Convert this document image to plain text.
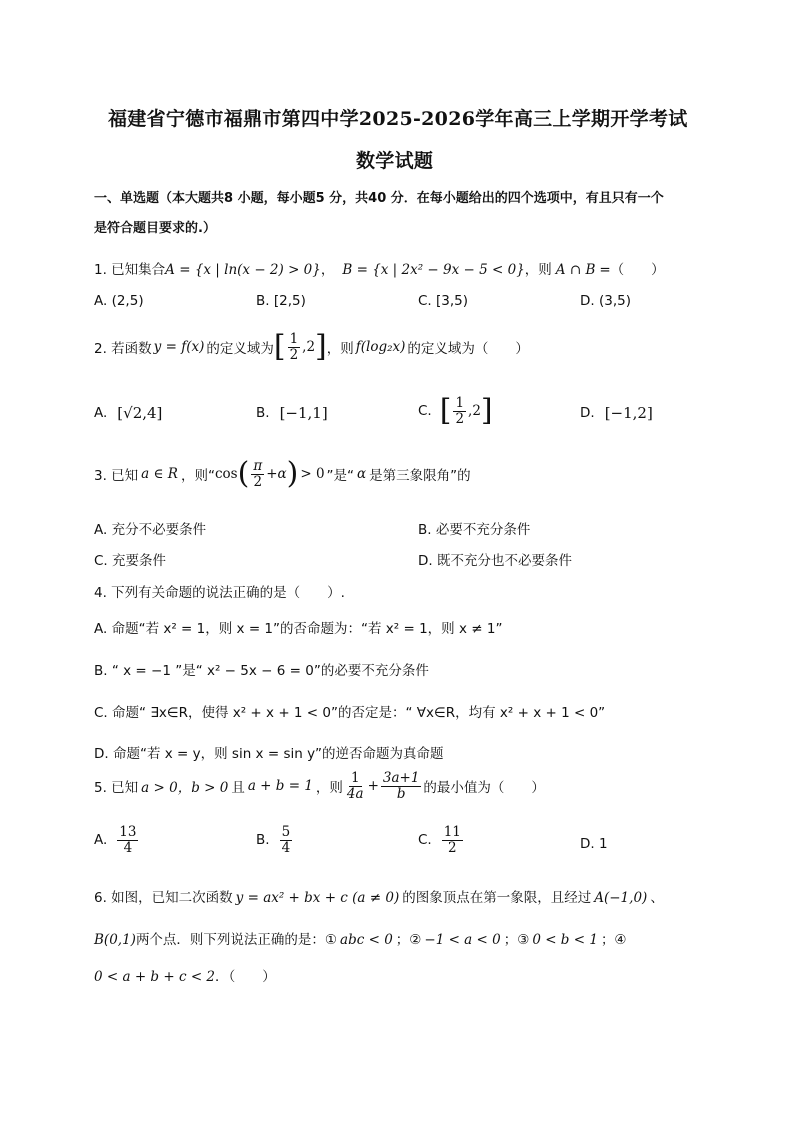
福建省宁德市福鼎市第四中学2025-2026学年高三上学期开学考试
数学试题
一、单选题（本大题共8 小题，每小题5 分，共40 分．在每小题给出的四个选项中，有且只有一个
是符合题目要求的.）
1. 已知集合A = {x | ln(x − 2) > 0}， B = {x | 2x² − 9x − 5 < 0}，则 A ∩ B =（　　）
A. (2,5)	B. [2,5)	C. [3,5)	D. (3,5)
2. 若函数 y = f(x) 的定义域为 [ $\frac{1}{2} ,2$ ] ，则 f(log₂x) 的定义域为（　　）
A. [√2,4]	B. [−1,1]	C. [ $\frac{1}{2} ,2$ ]	D. [−1,2]
3. 已知 a ∈ R ，则“ cos ( $\frac{\pi}{2} +\alpha$ ) > 0 ”是“ α 是第三象限角”的
A. 充分不必要条件	B. 必要不充分条件
C. 充要条件	D. 既不充分也不必要条件
4. 下列有关命题的说法正确的是（　　）.
A. 命题“若 x² = 1，则 x = 1”的否命题为：“若 x² = 1，则 x ≠ 1”
B. “ x = −1 ”是“ x² − 5x − 6 = 0”的必要不充分条件
C. 命题“ ∃x∈R，使得 x² + x + 1 < 0”的否定是：“ ∀x∈R，均有 x² + x + 1 < 0”
D. 命题“若 x = y，则 sin x = sin y”的逆否命题为真命题
5. 已知 a > 0，b > 0 且 a + b = 1 ，则 $\frac{1}{4a} + \frac{3a+1}{b}$ 的最小值为（　　）
A. $\frac{13}{4}$	B. $\frac{5}{4}$	C. $\frac{11}{2}$	D. 1
6. 如图，已知二次函数 y = ax² + bx + c (a ≠ 0) 的图象顶点在第一象限，且经过 A(−1,0) 、
B(0,1)两个点．则下列说法正确的是：① abc < 0 ；② −1 < a < 0 ；③ 0 < b < 1 ；④
0 < a + b + c < 2．（　　）
